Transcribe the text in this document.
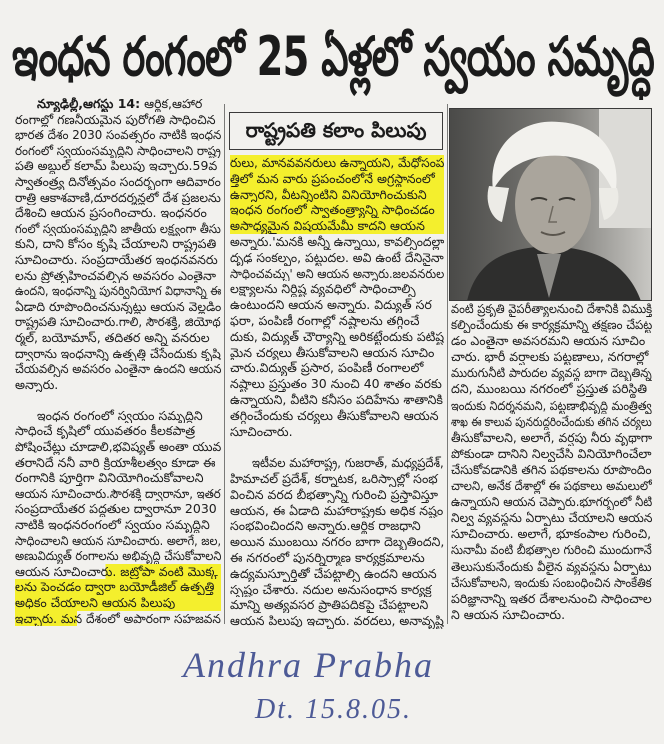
ఇంధన రంగంలో 25 ఏళ్లలో స్వయం సమృద్ధి
రాష్ట్రపతి కలాం పిలుపు
న్యూఢిల్లీ,ఆగస్టు 14: ఆర్థిక,ఆహార
రంగాల్లో గణనీయమైన పురోగతి సాధించిన
భారత దేశం 2030 సంవత్సరం నాటికి ఇంధన
రంగంలో స్వయంసమృద్ధిని సాధించాలని రాష్ట్ర
పతి అబ్దుల్ కలామ్ పిలుపు ఇచ్చారు.59వ
స్వాతంత్ర్య దినోత్సవం సందర్భంగా ఆదివారం
రాత్రి ఆకాశవాణి,దూరదర్శన్లలో దేశ ప్రజలను
దేశించి ఆయన ప్రసంగించారు. ఇంధనరం
గంలో స్వయంసమృద్ధిని జాతీయ లక్ష్యంగా తీసు
కుని, దాని కోసం కృషి చేయాలని రాష్ట్రపతి
సూచించారు. సంప్రదాయేతర ఇంధనవనరు
లను ప్రోత్సహించవల్సిన అవసరం ఎంతైనా
ఉందని, ఇంధనాన్ని పునర్వినియోగ విధానాన్ని ఈ
ఏడాది రూపొందించనున్నట్లు ఆయన వెల్లడిం
రాష్ట్రపతి సూచించారు.గాలి, సౌరశక్తి, జియోథ
ర్మల్, బయోమాస్, తదితర అన్ని వనరుల
ద్వారాను ఇంధనాన్ని ఉత్పత్తి చేసేందుకు కృషి
చేయవల్సిన అవసరం ఎంతైనా ఉందని ఆయన
అన్నారు.
ఇంధన రంగంలో స్వయం సమృద్ధిని
సాధించే కృషిలో యువతరం కీలకపాత్ర
పోషించేట్లు చూడాలి,భవిష్యత్ అంతా యువ
తరానిదే ననీ వారి క్రియాశీలత్వం కూడా ఈ
రంగానికి పూర్తిగా వినియోగించుకోవాలని
ఆయన సూచించారు.సౌరశక్తి ద్వారానూ, ఇతర
సంప్రదాయేతర పద్ధతుల ద్వారానూ 2030
నాటికి ఇంధనరంగంలో స్వయం సమృద్ధిని
సాధించాలని ఆయన సూచించారు. అలాగే, జల,
అణువిద్యుత్ రంగాలను అభివృద్ధి చేసుకోవాలని
ఆయన సూచించారు. జట్రోపా వంటి మొక్క
లను పెంచడం ద్వారా బయోడీజిల్ ఉత్పత్తి
అధికం చేయాలని ఆయన పిలుపు
ఇచ్చారు. మన దేశంలో అపారంగా సహజవన
రులు, మానవవనరులు ఉన్నాయని, మేధోసంప
త్తిలో మన వారు ప్రపంచంలోనే అగ్రస్థానంలో
ఉన్నారని, వీటన్నింటిని వినియోగించుకుని
ఇంధన రంగంలో స్వాతంత్ర్యాన్ని సాధించడం
అసాధ్యమైన విషయమేమీ కాదని ఆయన
అన్నారు.'మనకి అన్నీ ఉన్నాయి, కావల్సిందల్లా
దృఢ సంకల్పం, పట్టుదల. అవి ఉంటే దేనినైనా
సాధించవచ్చు' అని ఆయన అన్నారు.జలవనరుల
లక్ష్యాలను నిర్దిష్ట వ్యవధిలో సాధించాల్సి
ఉంటుందని ఆయన అన్నారు. విద్యుత్ సర
ఫరా, పంపిణీ రంగాల్లో నష్టాలను తగ్గించే
దుకు, విద్యుత్ చౌర్యాన్ని అరికట్టేందుకు పటిష్ట
మైన చర్యలు తీసుకోవాలని ఆయన సూచిం
చారు.విద్యుత్ ప్రసార, పంపిణీ రంగాలలో
నష్టాలు ప్రస్తుతం 30 నుంచి 40 శాతం వరకు
ఉన్నాయని, వీటిని కనీసం పదిహేను శాతానికి
తగ్గించేందుకు చర్యలు తీసుకోవాలని ఆయన
సూచించారు.
ఇటీవల మహారాష్ట్ర, గుజరాత్, మధ్యప్రదేశ్,
హిమాచల్ ప్రదేశ్, కర్నాటక, ఒరిస్సాల్లో సంభ
వించిన వరద బీభత్సాన్ని గురించి ప్రస్తావిస్తూ
ఆయన, ఈ ఏడాది మహారాష్ట్రకు అధిక నష్టం
సంభవించిందని అన్నారు.ఆర్థిక రాజధాని
అయిన ముంబయి నగరం బాగా దెబ్బతిందని,
ఈ నగరంలో పునర్నిర్మాణ కార్యక్రమాలను
ఉద్యమస్ఫూర్తితో చేపట్టాల్సి ఉందని ఆయన
స్పష్టం చేశారు. నదుల అనుసంధాన కార్యక్ర
మాన్ని అత్యవసర ప్రాతిపదికపై చేపట్టాలని
ఆయన పిలుపు ఇచ్చారు. వరదలు, అనావృష్టి
వంటి ప్రకృతి వైపరీత్యాలనుంచి దేశానికి విముక్తి
కల్పించేందుకు ఈ కార్యక్రమాన్ని తక్షణం చేపట్ట
డం ఎంతైనా అవసరమని ఆయన సూచిం
చారు. భారీ వర్షాలకు పట్టణాలు, నగరాల్లో
మురుగునీటి పారుదల వ్యవస్థ బాగా దెబ్బతిన్న
దని, ముంబయి నగరంలో ప్రస్తుత పరిస్థితి
ఇందుకు నిదర్శనమని, పట్టణాభివృద్ధి మంత్రిత్వ
శాఖ ఈ కాలువ పునరుద్ధరించేందుకు తగిన చర్యలు
తీసుకోవాలని, అలాగే, వర్షపు నీరు వృథాగా
పోకుండా దానిని నిల్వచేసి వినియోగించేలా
చేసుకోవడానికి తగిన పథకాలను రూపొందిం
చాలని, అనేక దేశాల్లో ఈ పథకాలు అమలులో
ఉన్నాయని ఆయన చెప్పారు.భూగర్భంలో నీటి
నిల్వ వ్యవస్థను ఏర్పాటు చేయాలని ఆయన
సూచించారు. అలాగే, భూకంపాల గురించి,
సునామీ వంటి బీభత్సాల గురించి ముందుగానే
తెలుసుకునేందుకు వీలైన వ్యవస్థను ఏర్పాటు
చేసుకోవాలని, ఇందుకు సంబంధించిన సాంకేతిక
పరిజ్ఞానాన్ని ఇతర దేశాలనుంచి సాధించాల
ని ఆయన సూచించారు.
Andhra Prabha
Dt. 15.8.05.
